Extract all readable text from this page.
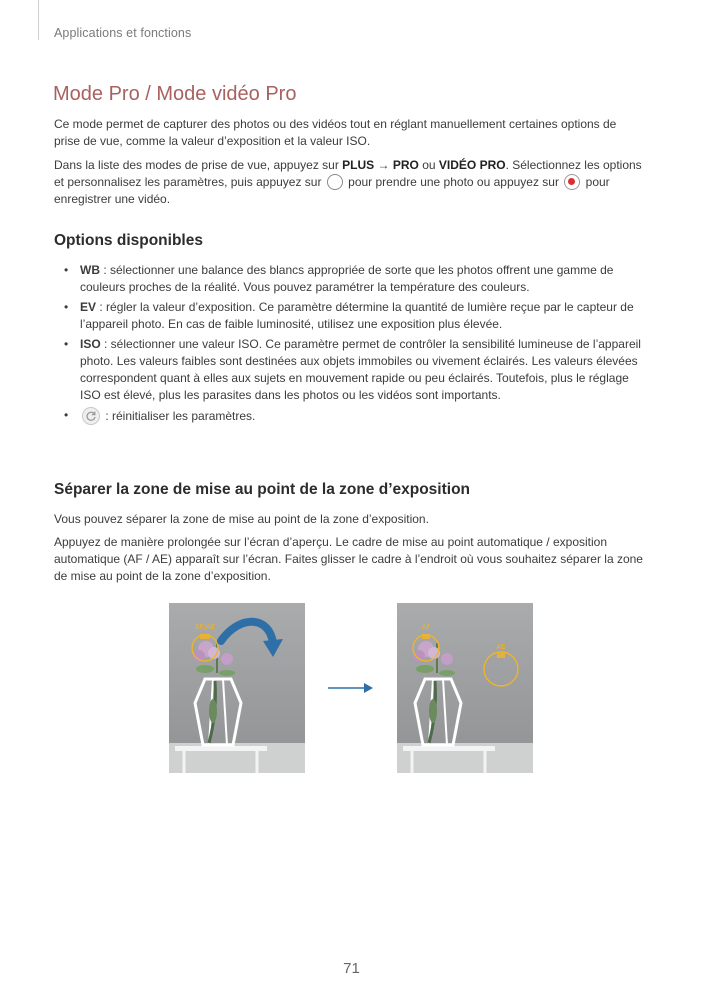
Applications et fonctions
Mode Pro / Mode vidéo Pro

Ce mode permet de capturer des photos ou des vidéos tout en réglant manuellement certaines options de prise de vue, comme la valeur d’exposition et la valeur ISO.

Dans la liste des modes de prise de vue, appuyez sur PLUS → PRO ou VIDÉO PRO. Sélectionnez les options et personnalisez les paramètres, puis appuyez sur  pour prendre une photo ou appuyez sur  pour enregistrer une vidéo.

Options disponibles
• WB : sélectionner une balance des blancs appropriée de sorte que les photos offrent une gamme de couleurs proches de la réalité. Vous pouvez paramétrer la température des couleurs.
• EV : régler la valeur d’exposition. Ce paramètre détermine la quantité de lumière reçue par le capteur de l’appareil photo. En cas de faible luminosité, utilisez une exposition plus élevée.
• ISO : sélectionner une valeur ISO. Ce paramètre permet de contrôler la sensibilité lumineuse de l’appareil photo. Les valeurs faibles sont destinées aux objets immobiles ou vivement éclairés. Les valeurs élevées correspondent quant à elles aux sujets en mouvement rapide ou peu éclairés. Toutefois, plus le réglage ISO est élevé, plus les parasites dans les photos ou les vidéos sont importants.
•	: réinitialiser les paramètres.
Séparer la zone de mise au point de la zone d’exposition

Vous pouvez séparer la zone de mise au point de la zone d’exposition.

Appuyez de manière prolongée sur l’écran d’aperçu. Le cadre de mise au point automatique / exposition automatique (AF / AE) apparaît sur l’écran. Faites glisser le cadre à l’endroit où vous souhaitez séparer la zone de mise au point de la zone d’exposition.

AF/AE	AF
AE
71
